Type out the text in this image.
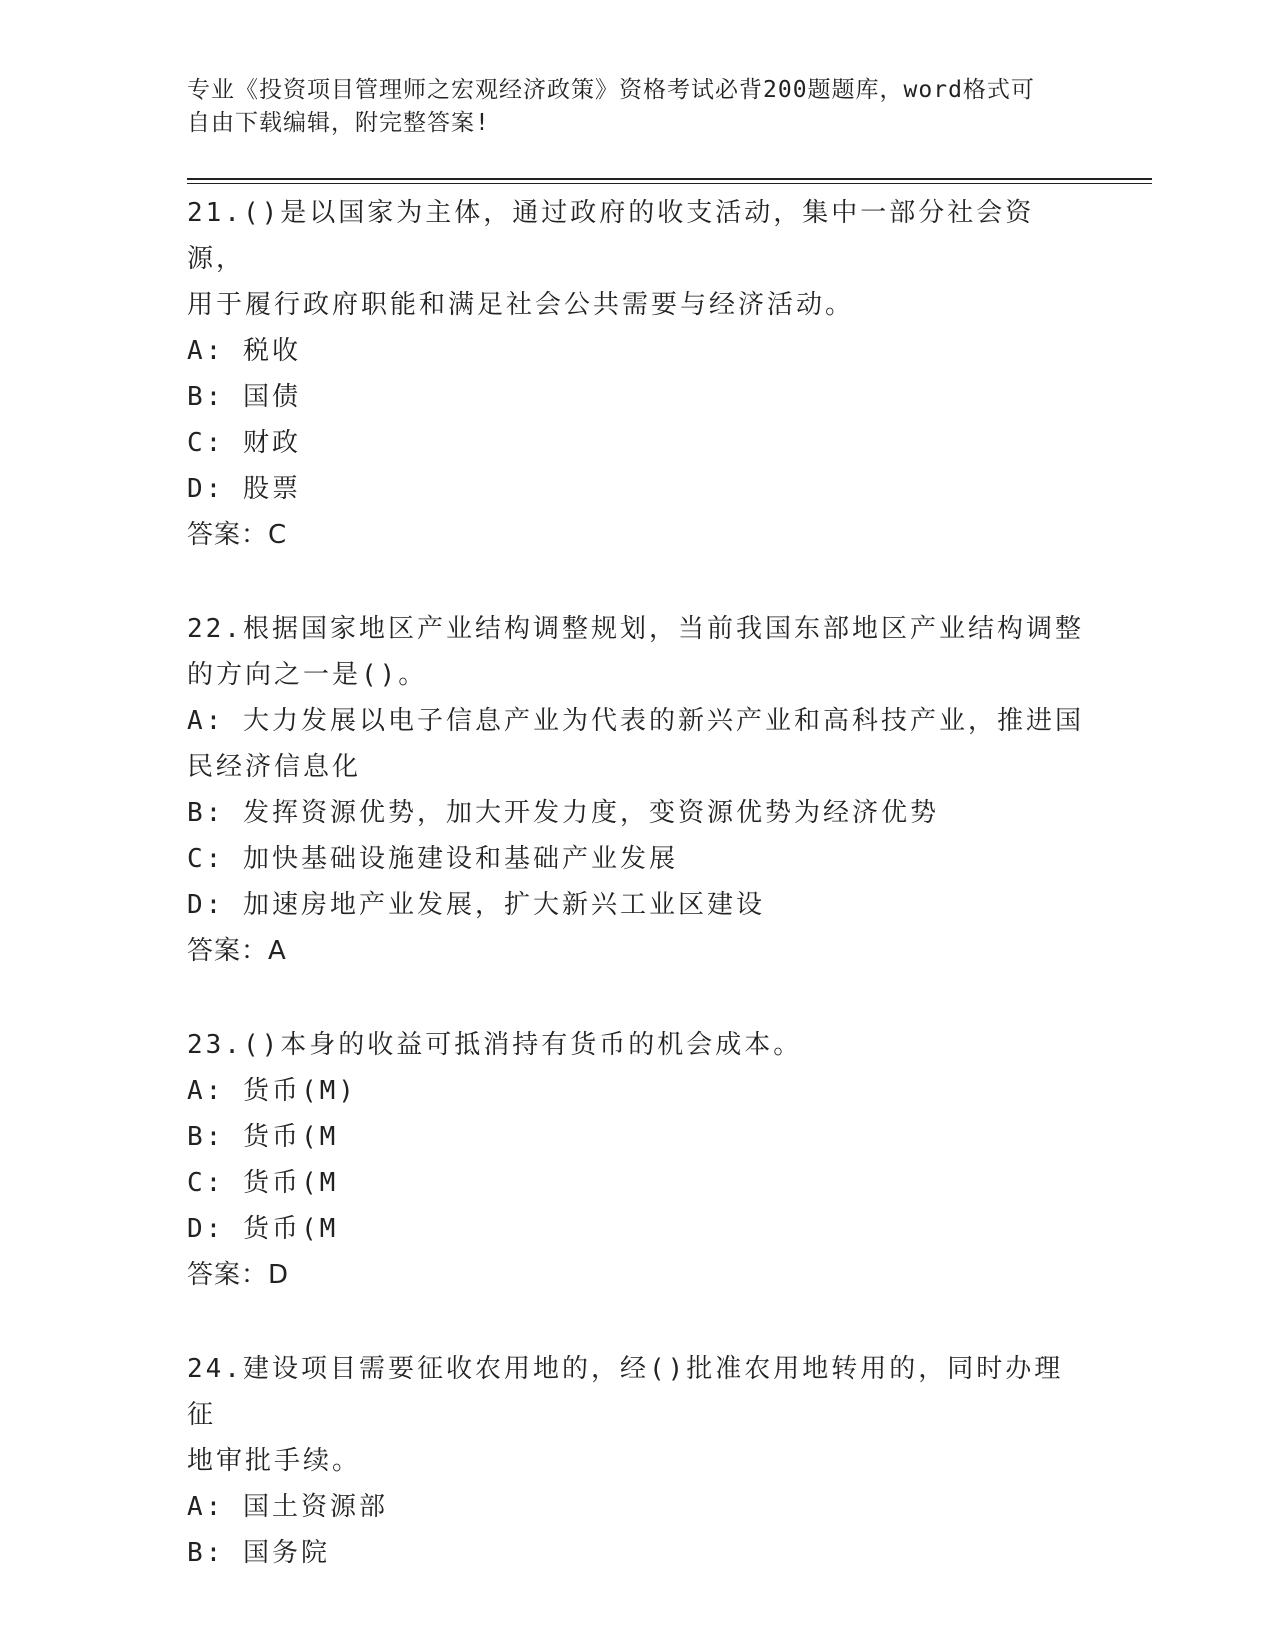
专业《投资项目管理师之宏观经济政策》资格考试必背200题题库，word格式可
自由下载编辑，附完整答案!
21.()是以国家为主体，通过政府的收支活动，集中一部分社会资源，
用于履行政府职能和满足社会公共需要与经济活动。
A: 税收
B: 国债
C: 财政
D: 股票
答案：C
22.根据国家地区产业结构调整规划，当前我国东部地区产业结构调整
的方向之一是()。
A: 大力发展以电子信息产业为代表的新兴产业和高科技产业，推进国
民经济信息化
B: 发挥资源优势，加大开发力度，变资源优势为经济优势
C: 加快基础设施建设和基础产业发展
D: 加速房地产业发展，扩大新兴工业区建设
答案：A
23.()本身的收益可抵消持有货币的机会成本。
A: 货币(M)
B: 货币(M
C: 货币(M
D: 货币(M
答案：D
24.建设项目需要征收农用地的，经()批准农用地转用的，同时办理征
地审批手续。
A: 国土资源部
B: 国务院
